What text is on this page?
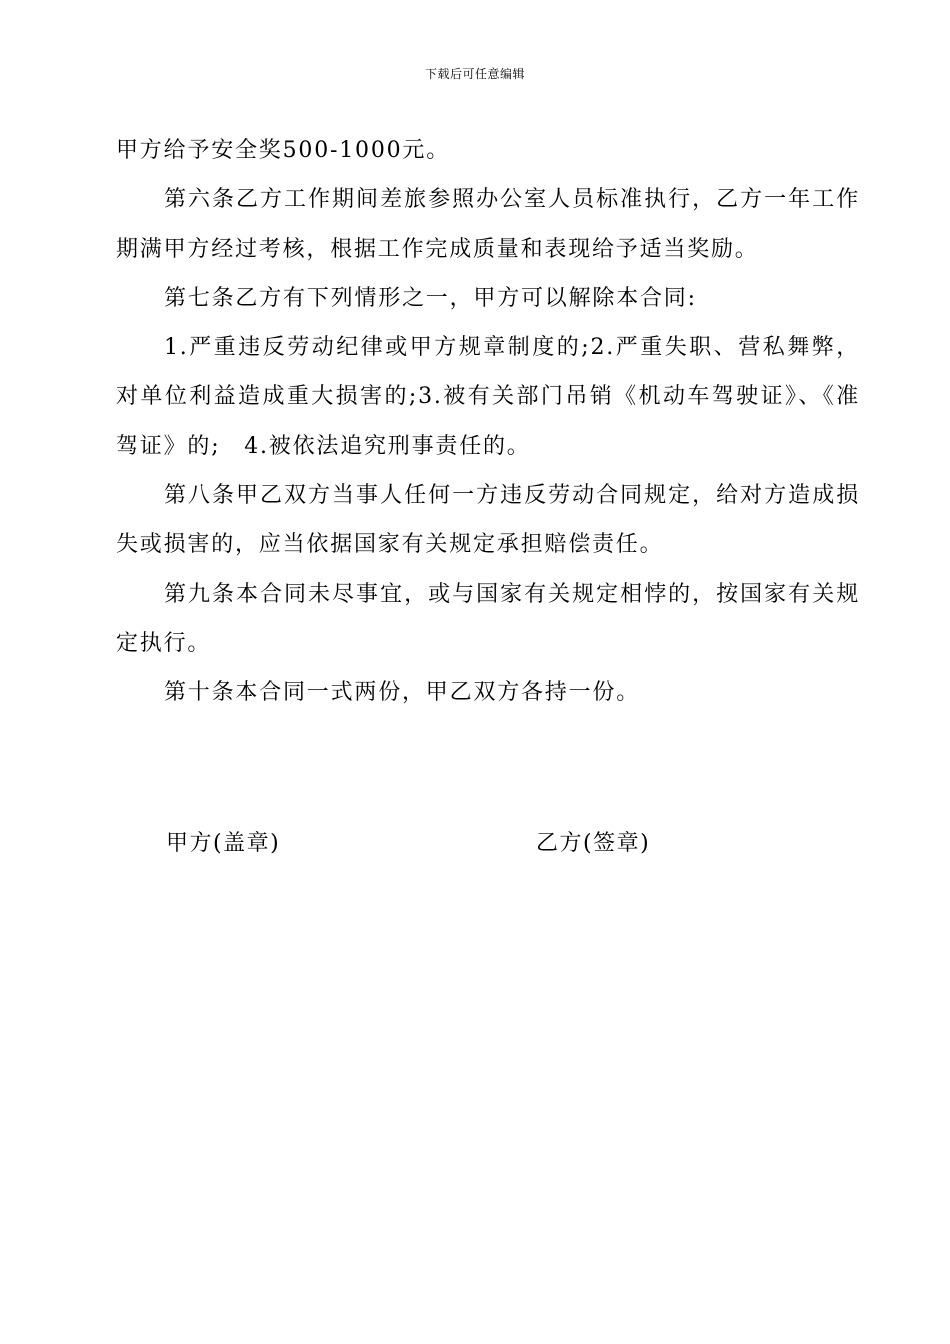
下载后可任意编辑

甲方给予安全奖500-1000元。

第六条乙方工作期间差旅参照办公室人员标准执行，乙方一年工作期满甲方经过考核，根据工作完成质量和表现给予适当奖励。

第七条乙方有下列情形之一，甲方可以解除本合同:

1.严重违反劳动纪律或甲方规章制度的;2.严重失职、营私舞弊，对单位利益造成重大损害的;3.被有关部门吊销《机动车驾驶证》、《准驾证》的;　4.被依法追究刑事责任的。

第八条甲乙双方当事人任何一方违反劳动合同规定，给对方造成损失或损害的，应当依据国家有关规定承担赔偿责任。

第九条本合同未尽事宜，或与国家有关规定相悖的，按国家有关规定执行。

第十条本合同一式两份，甲乙双方各持一份。

甲方(盖章)	乙方(签章)
